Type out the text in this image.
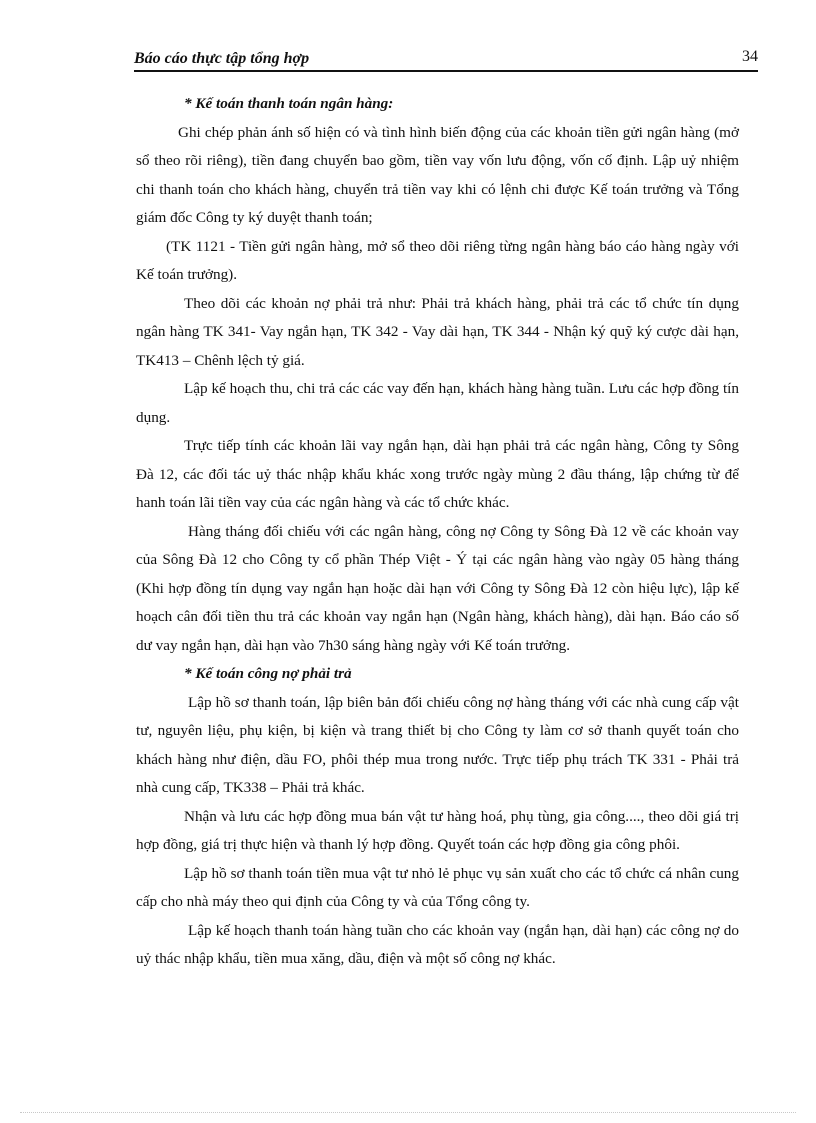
Báo cáo thực tập tổng hợp	34

* Kế toán thanh toán ngân hàng:

Ghi chép phản ánh số hiện có và tình hình biến động của các khoản tiền gửi ngân hàng (mở sổ theo rõi riêng), tiền đang chuyển bao gồm, tiền vay vốn lưu động, vốn cố định. Lập uỷ nhiệm chi thanh toán cho khách hàng, chuyển trả tiền vay khi có lệnh chi được Kế toán trưởng và Tổng giám đốc Công ty ký duyệt thanh toán;

(TK 1121 - Tiền gửi ngân hàng, mở sổ theo dõi riêng từng ngân hàng báo cáo hàng ngày với Kế toán trưởng).

Theo dõi các khoản nợ phải trả như: Phải trả khách hàng, phải trả các tổ chức tín dụng ngân hàng TK 341- Vay ngắn hạn, TK 342 - Vay dài hạn, TK 344 - Nhận ký quỹ ký cược dài hạn, TK413 – Chênh lệch tỷ giá.

Lập kế hoạch thu, chi trả các các vay đến hạn, khách hàng hàng tuần. Lưu các hợp đồng tín dụng.

Trực tiếp tính các khoản lãi vay ngắn hạn, dài hạn phải trả các ngân hàng, Công ty Sông Đà 12, các đối tác uỷ thác nhập khẩu khác xong trước ngày mùng 2 đầu tháng, lập chứng từ để hanh toán lãi tiền vay của các ngân hàng và các tổ chức khác.

Hàng tháng đối chiếu với các ngân hàng, công nợ Công ty Sông Đà 12 về các khoản vay của Sông Đà 12 cho Công ty cổ phần Thép Việt - Ý tại các ngân hàng vào ngày 05 hàng tháng (Khi hợp đồng tín dụng vay ngắn hạn hoặc dài hạn với Công ty Sông Đà 12 còn hiệu lực), lập kế hoạch cân đối tiền thu trả các khoản vay ngắn hạn (Ngân hàng, khách hàng), dài hạn. Báo cáo số dư vay ngắn hạn, dài hạn vào 7h30 sáng hàng ngày với Kế toán trưởng.

* Kế toán công nợ phải trả

Lập hồ sơ thanh toán, lập biên bản đối chiếu công nợ hàng tháng với các nhà cung cấp vật tư, nguyên liệu, phụ kiện, bị kiện và trang thiết bị cho Công ty làm cơ sở thanh quyết toán cho khách hàng như điện, dầu FO, phôi thép mua trong nước. Trực tiếp phụ trách TK 331 - Phải trả nhà cung cấp, TK338 – Phải trả khác.

Nhận và lưu các hợp đồng mua bán vật tư hàng hoá, phụ tùng, gia công...., theo dõi giá trị hợp đồng, giá trị thực hiện và thanh lý hợp đồng. Quyết toán các hợp đồng gia công phôi.

Lập hồ sơ thanh toán tiền mua vật tư nhỏ lẻ phục vụ sản xuất cho các tổ chức cá nhân cung cấp cho nhà máy theo qui định của Công ty và của Tổng công ty.

Lập kế hoạch thanh toán hàng tuần cho các khoản vay (ngắn hạn, dài hạn) các công nợ do uỷ thác nhập khẩu, tiền mua xăng, dầu, điện và một số công nợ khác.
